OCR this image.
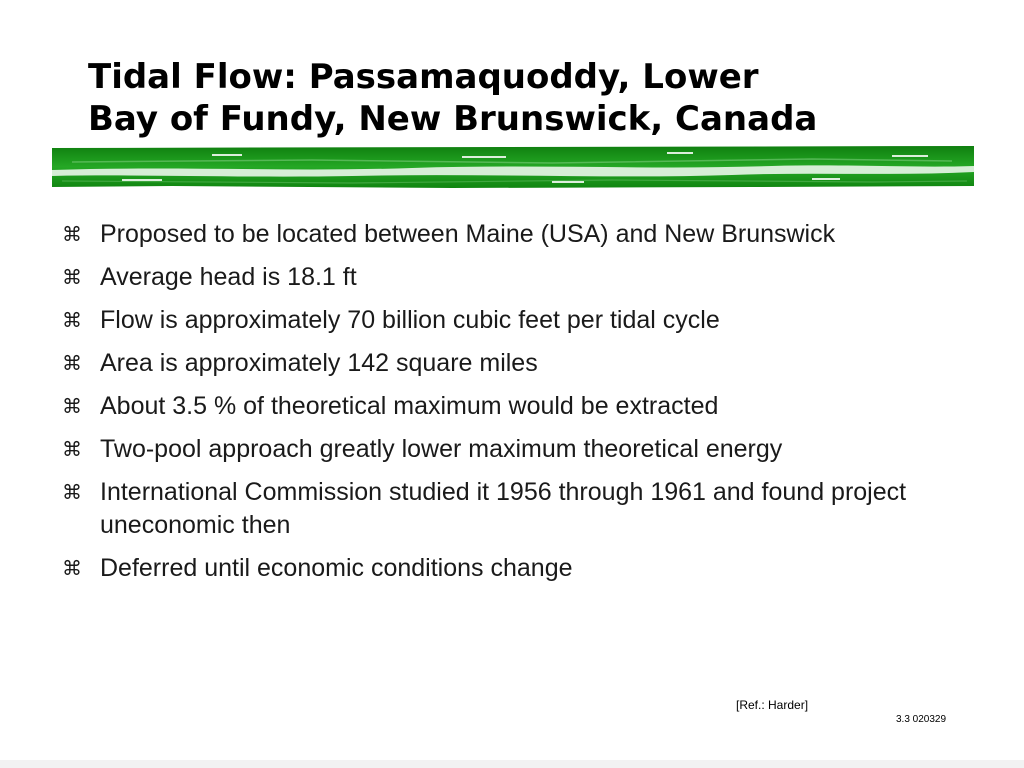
Tidal Flow: Passamaquoddy, Lower
Bay of Fundy, New Brunswick, Canada
⌘ Proposed to be located between Maine (USA) and New Brunswick
⌘ Average head is 18.1 ft
⌘ Flow is approximately 70 billion cubic feet per tidal cycle
⌘ Area is approximately 142 square miles
⌘ About 3.5 % of theoretical maximum would be extracted
⌘ Two-pool approach greatly lower maximum theoretical energy
⌘ International Commission studied it 1956 through 1961 and found project uneconomic then
⌘ Deferred until economic conditions change
[Ref.: Harder]
3.3 020329
